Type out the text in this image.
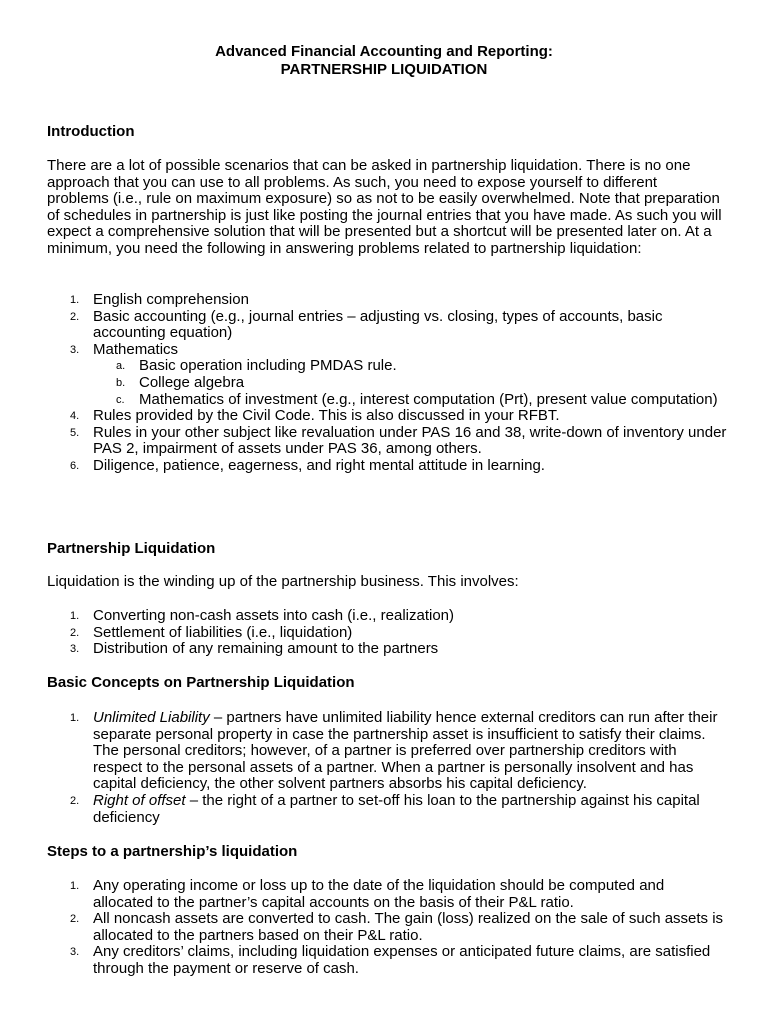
Advanced Financial Accounting and Reporting:
PARTNERSHIP LIQUIDATION
Introduction

There are a lot of possible scenarios that can be asked in partnership liquidation. There is no one approach that you can use to all problems. As such, you need to expose yourself to different problems (i.e., rule on maximum exposure) so as not to be easily overwhelmed. Note that preparation of schedules in partnership is just like posting the journal entries that you have made. As such you will expect a comprehensive solution that will be presented but a shortcut will be presented later on. At a minimum, you need the following in answering problems related to partnership liquidation:

1. English comprehension
2. Basic accounting (e.g., journal entries – adjusting vs. closing, types of accounts, basic accounting equation)
3. Mathematics
a. Basic operation including PMDAS rule.
b. College algebra
c. Mathematics of investment (e.g., interest computation (Prt), present value computation)
4. Rules provided by the Civil Code. This is also discussed in your RFBT.
5. Rules in your other subject like revaluation under PAS 16 and 38, write-down of inventory under PAS 2, impairment of assets under PAS 36, among others.
6. Diligence, patience, eagerness, and right mental attitude in learning.
Partnership Liquidation

Liquidation is the winding up of the partnership business. This involves:

1. Converting non-cash assets into cash (i.e., realization)
2. Settlement of liabilities (i.e., liquidation)
3. Distribution of any remaining amount to the partners
Basic Concepts on Partnership Liquidation
1. Unlimited Liability – partners have unlimited liability hence external creditors can run after their separate personal property in case the partnership asset is insufficient to satisfy their claims. The personal creditors; however, of a partner is preferred over partnership creditors with respect to the personal assets of a partner. When a partner is personally insolvent and has capital deficiency, the other solvent partners absorbs his capital deficiency.
2. Right of offset – the right of a partner to set-off his loan to the partnership against his capital deficiency
Steps to a partnership’s liquidation
1. Any operating income or loss up to the date of the liquidation should be computed and allocated to the partner’s capital accounts on the basis of their P&L ratio.
2. All noncash assets are converted to cash. The gain (loss) realized on the sale of such assets is allocated to the partners based on their P&L ratio.
3. Any creditors’ claims, including liquidation expenses or anticipated future claims, are satisfied through the payment or reserve of cash.
